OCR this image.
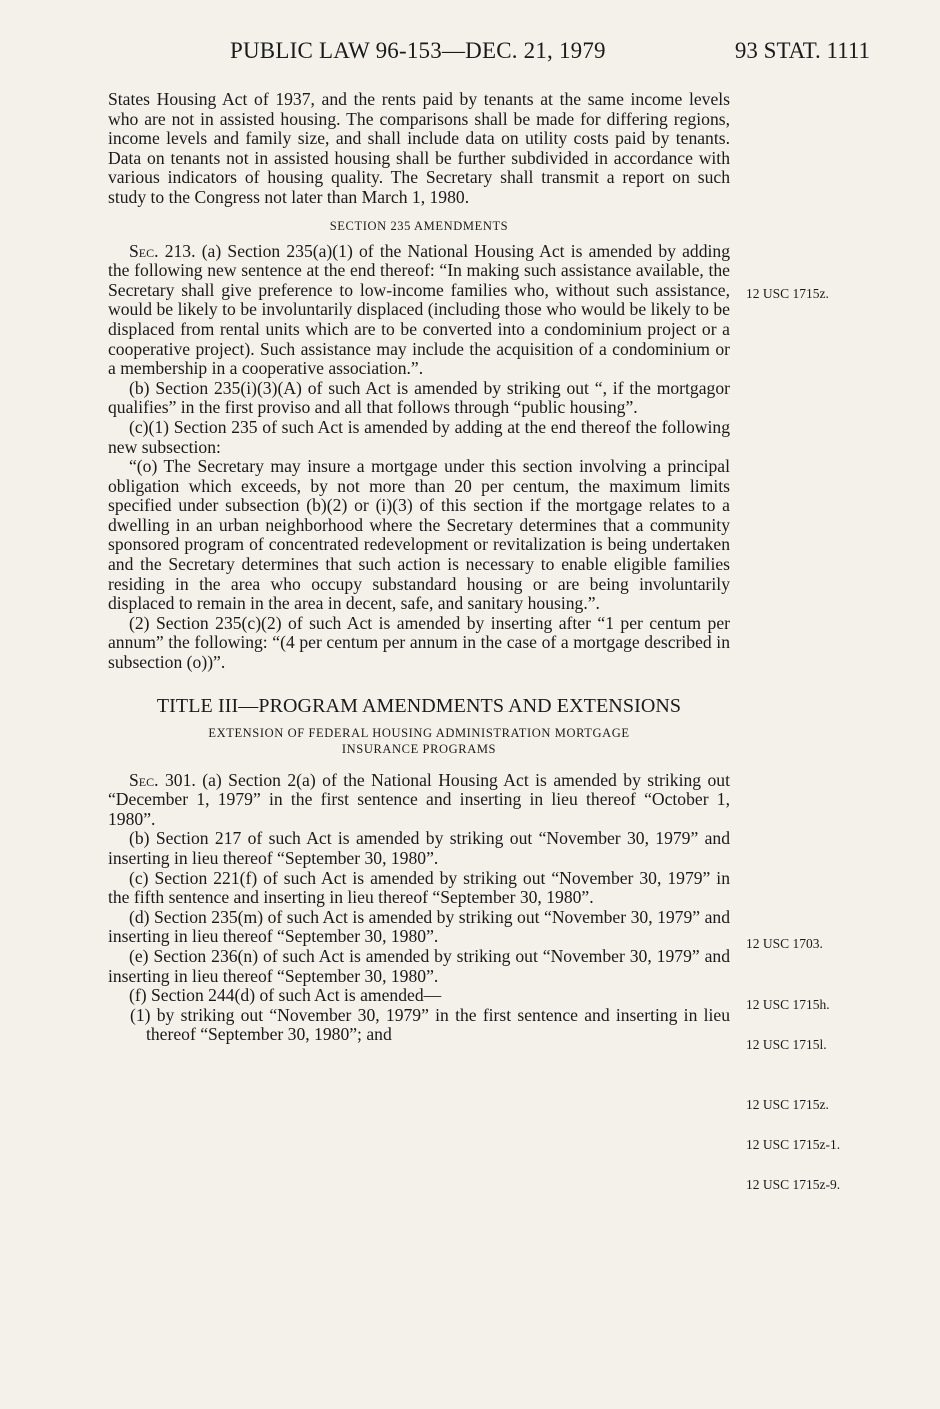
PUBLIC LAW 96-153—DEC. 21, 1979	93 STAT. 1111

States Housing Act of 1937, and the rents paid by tenants at the same income levels who are not in assisted housing. The comparisons shall be made for differing regions, income levels and family size, and shall include data on utility costs paid by tenants. Data on tenants not in assisted housing shall be further subdivided in accordance with various indicators of housing quality. The Secretary shall transmit a report on such study to the Congress not later than March 1, 1980.

SECTION 235 AMENDMENTS

Sec. 213. (a) Section 235(a)(1) of the National Housing Act is amended by adding the following new sentence at the end thereof: “In making such assistance available, the Secretary shall give preference to low-income families who, without such assistance, would be likely to be involuntarily displaced (including those who would be likely to be displaced from rental units which are to be converted into a condominium project or a cooperative project). Such assistance may include the acquisition of a condominium or a membership in a cooperative association.”.

(b) Section 235(i)(3)(A) of such Act is amended by striking out “, if the mortgagor qualifies” in the first proviso and all that follows through “public housing”.

(c)(1) Section 235 of such Act is amended by adding at the end thereof the following new subsection:

“(o) The Secretary may insure a mortgage under this section involving a principal obligation which exceeds, by not more than 20 per centum, the maximum limits specified under subsection (b)(2) or (i)(3) of this section if the mortgage relates to a dwelling in an urban neighborhood where the Secretary determines that a community sponsored program of concentrated redevelopment or revitalization is being undertaken and the Secretary determines that such action is necessary to enable eligible families residing in the area who occupy substandard housing or are being involuntarily displaced to remain in the area in decent, safe, and sanitary housing.”.

(2) Section 235(c)(2) of such Act is amended by inserting after “1 per centum per annum” the following: “(4 per centum per annum in the case of a mortgage described in subsection (o))”.

TITLE III—PROGRAM AMENDMENTS AND EXTENSIONS

EXTENSION OF FEDERAL HOUSING ADMINISTRATION MORTGAGE

INSURANCE PROGRAMS

Sec. 301. (a) Section 2(a) of the National Housing Act is amended by striking out “December 1, 1979” in the first sentence and inserting in lieu thereof “October 1, 1980”.

(b) Section 217 of such Act is amended by striking out “November 30, 1979” and inserting in lieu thereof “September 30, 1980”.

(c) Section 221(f) of such Act is amended by striking out “November 30, 1979” in the fifth sentence and inserting in lieu thereof “September 30, 1980”.

(d) Section 235(m) of such Act is amended by striking out “November 30, 1979” and inserting in lieu thereof “September 30, 1980”.

(e) Section 236(n) of such Act is amended by striking out “November 30, 1979” and inserting in lieu thereof “September 30, 1980”.

(f) Section 244(d) of such Act is amended—

(1) by striking out “November 30, 1979” in the first sentence and inserting in lieu thereof “September 30, 1980”; and

12 USC 1715z.
12 USC 1703.
12 USC 1715h.
12 USC 1715l.
12 USC 1715z.
12 USC 1715z-1.
12 USC 1715z-9.
